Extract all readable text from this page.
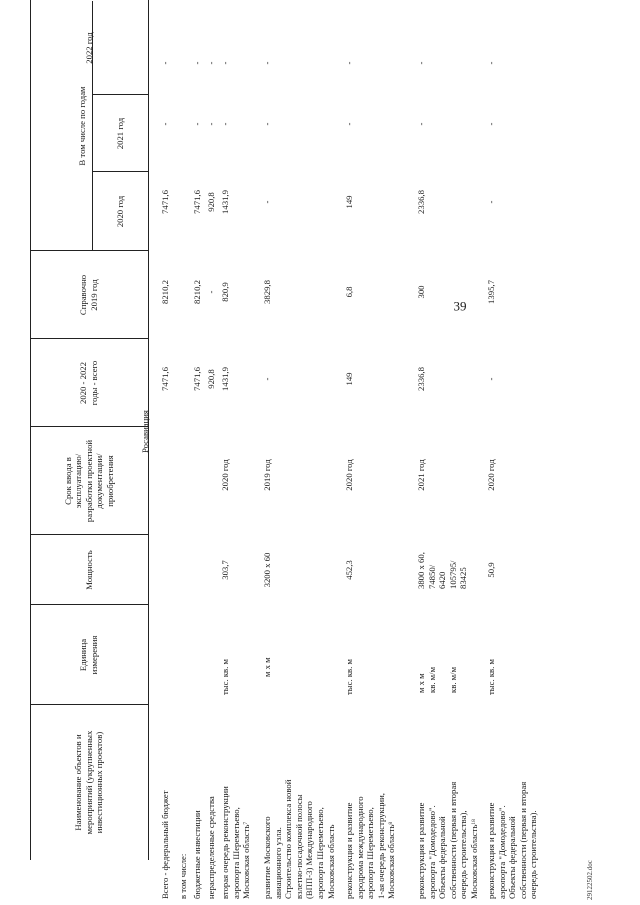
Наименование объектов и
мероприятий (укрупненных
инвестиционных проектов)
Единица
измерения
Мощность
Срок ввода в
эксплуатацию/
разработки проектной
документации/
приобретения
2020 - 2022
годы - всего
Справочно
2019 год
В том числе по годам
2020 год
2021 год
2022 год
Росавиация
Всего - федеральный бюджет
7471,6
8210,2
7471,6
-
-
в том числе: бюджетные инвестиции
7471,6
8210,2
7471,6
-
-
нераспределенные средства
920,8
-
920,8
-
-
вторая очередь реконструкции
аэропорта Шереметьево,
Московская область$^7$
тыс. кв. м
303,7
2020 год
1431,9
820,9
1431,9
-
-
развитие Московского
авиационного узла.
Строительство комплекса новой
взлетно-посадочной полосы
(ВПП-3) Международного
аэропорта Шереметьево,
Московская область
м х м
3200 х 60
2019 год
-
3829,8
-
-
-
реконструкция и развитие
аэродрома международного
аэропорта Шереметьево,
1-ая очередь реконструкции,
Московская область$^8$
тыс. кв. м
452,3
2020 год
149
6,8
149
-
-
реконструкция и развитие
аэропорта "Домодедово".
Объекты федеральной
собственности (первая и вторая
очередь строительства),
Московская область$^{18}$
м х м
кв. м/м

кв. м/м
3800 х 60,
74850/
6420
105795/
83425
2021 год
2336,8
300
2336,8
-
-
реконструкция и развитие
аэропорта "Домодедово".
Объекты федеральной
собственности (первая и вторая
очередь строительства).
тыс. кв. м
50,9
2020 год
-
1395,7
-
-
-
39
29122502.doc
